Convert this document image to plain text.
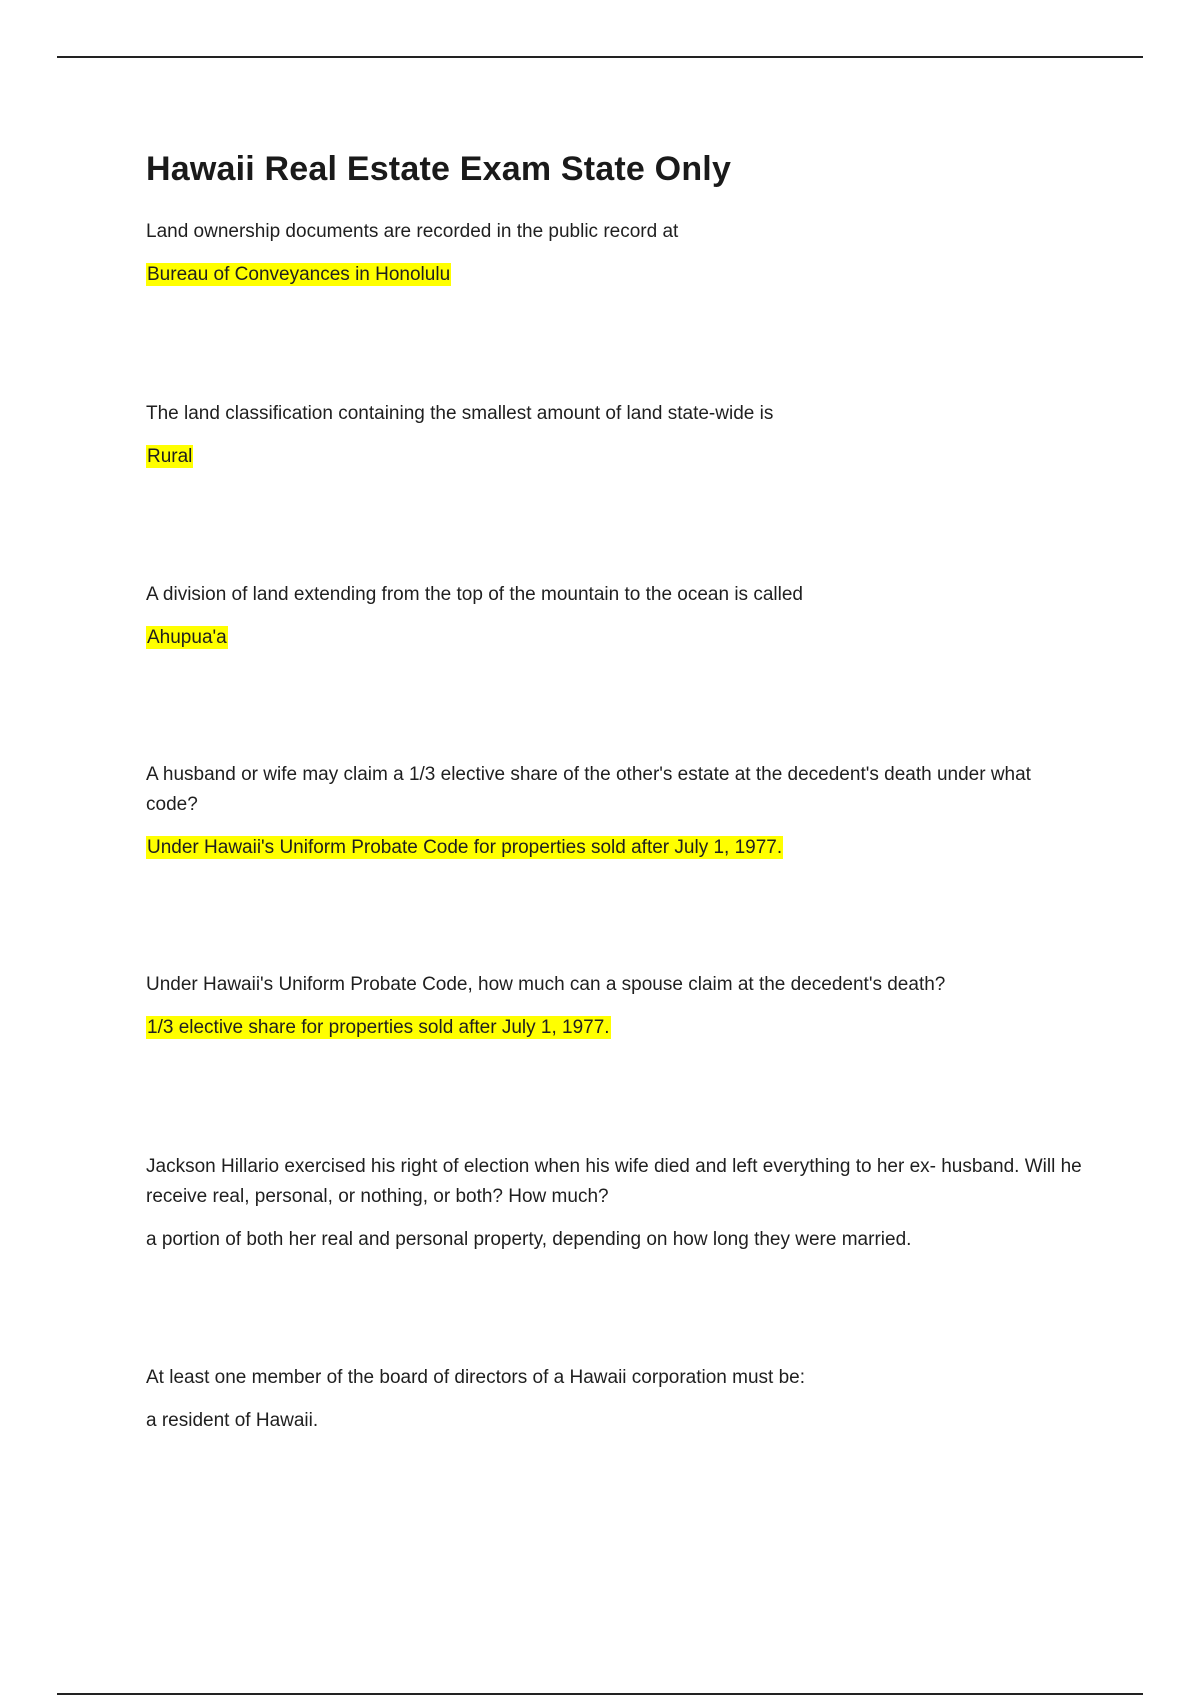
Hawaii Real Estate Exam State Only

Land ownership documents are recorded in the public record at

Bureau of Conveyances in Honolulu

The land classification containing the smallest amount of land state-wide is

Rural

A division of land extending from the top of the mountain to the ocean is called

Ahupua'a

A husband or wife may claim a 1/3 elective share of the other's estate at the decedent's death under what code?

Under Hawaii's Uniform Probate Code for properties sold after July 1, 1977.

Under Hawaii's Uniform Probate Code, how much can a spouse claim at the decedent's death?

1/3 elective share for properties sold after July 1, 1977.

Jackson Hillario exercised his right of election when his wife died and left everything to her ex- husband. Will he receive real, personal, or nothing, or both? How much?

a portion of both her real and personal property, depending on how long they were married.

At least one member of the board of directors of a Hawaii corporation must be:

a resident of Hawaii.
